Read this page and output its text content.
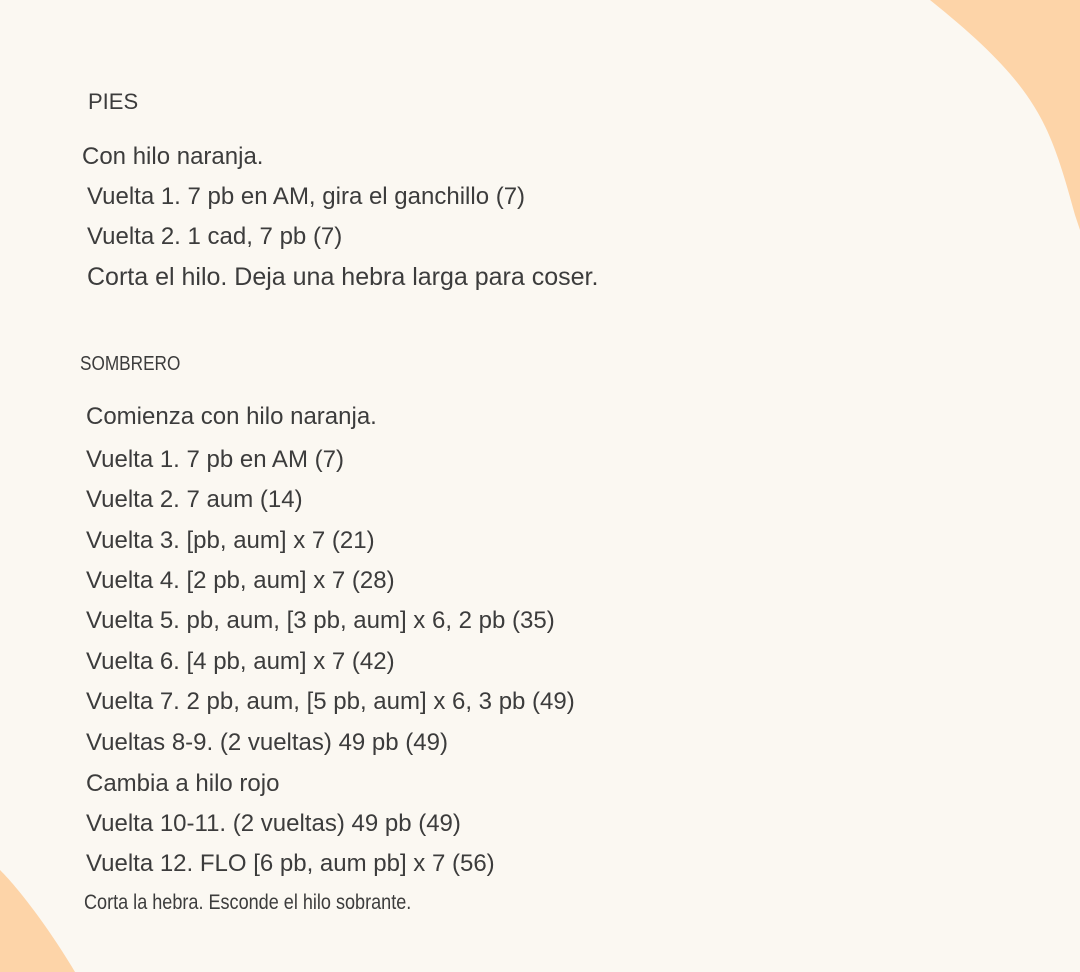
PIES
Con hilo naranja.
Vuelta 1. 7 pb en AM, gira el ganchillo (7)
Vuelta 2. 1 cad, 7 pb (7)
Corta el hilo. Deja una hebra larga para coser.
SOMBRERO
Comienza con hilo naranja.
Vuelta 1. 7 pb en AM (7)
Vuelta 2. 7 aum (14)
Vuelta 3. [pb, aum] x 7 (21)
Vuelta 4. [2 pb, aum] x 7 (28)
Vuelta 5. pb, aum, [3 pb, aum] x 6, 2 pb (35)
Vuelta 6. [4 pb, aum] x 7 (42)
Vuelta 7. 2 pb, aum, [5 pb, aum] x 6, 3 pb (49)
Vueltas 8-9. (2 vueltas) 49 pb (49)
Cambia a hilo rojo
Vuelta 10-11. (2 vueltas) 49 pb (49)
Vuelta 12. FLO [6 pb, aum pb] x 7 (56)
Corta la hebra. Esconde el hilo sobrante.
